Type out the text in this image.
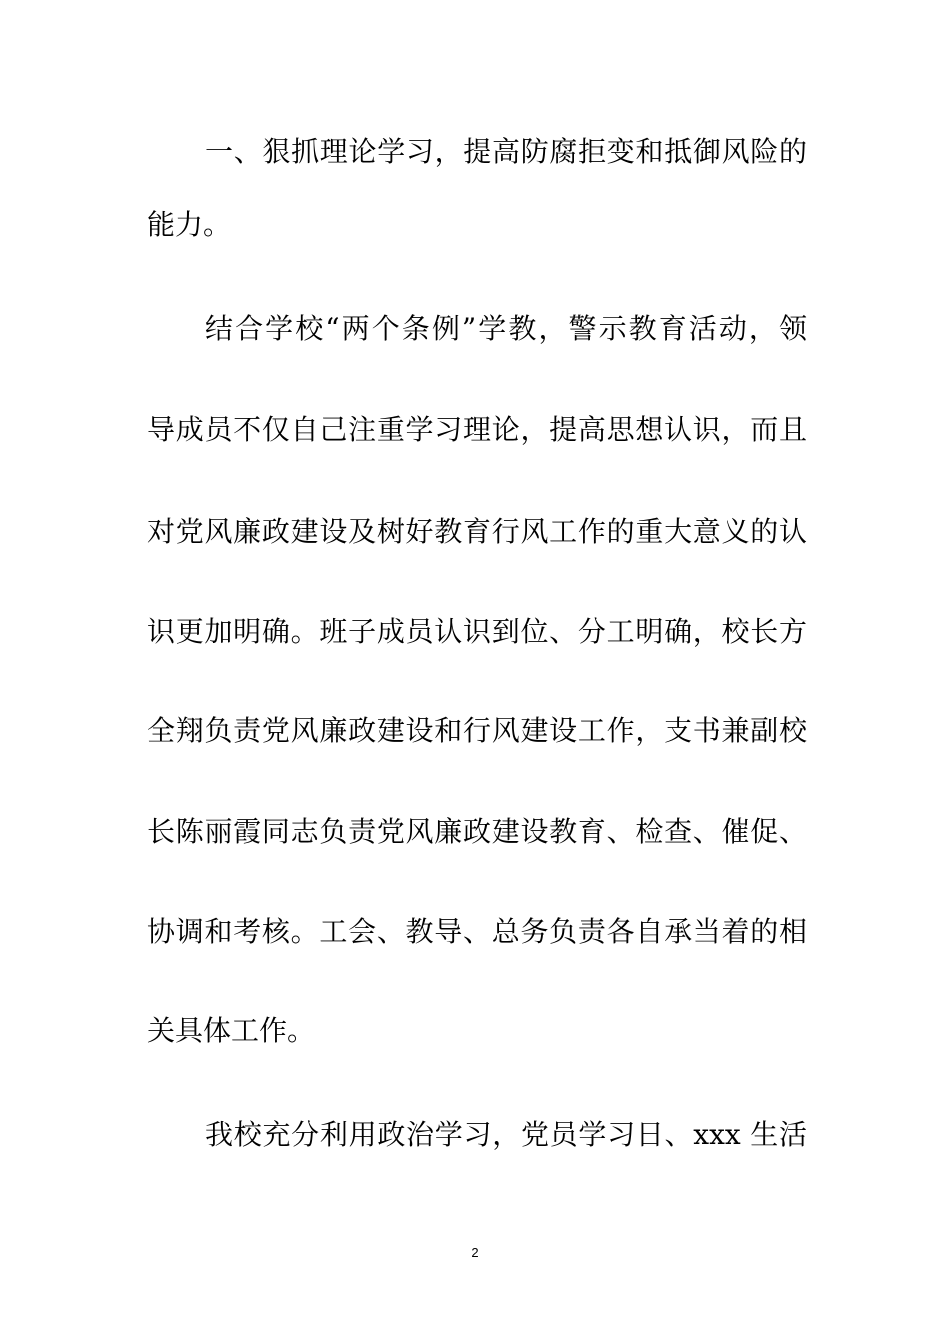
一、狠抓理论学习，提高防腐拒变和抵御风险的
能力。
结合学校“两个条例”学教，警示教育活动，领
导成员不仅自己注重学习理论，提高思想认识，而且
对党风廉政建设及树好教育行风工作的重大意义的认
识更加明确。班子成员认识到位、分工明确，校长方
全翔负责党风廉政建设和行风建设工作，支书兼副校
长陈丽霞同志负责党风廉政建设教育、检查、催促、
协调和考核。工会、教导、总务负责各自承当着的相
关具体工作。
我校充分利用政治学习，党员学习日、xxx 生活
2
